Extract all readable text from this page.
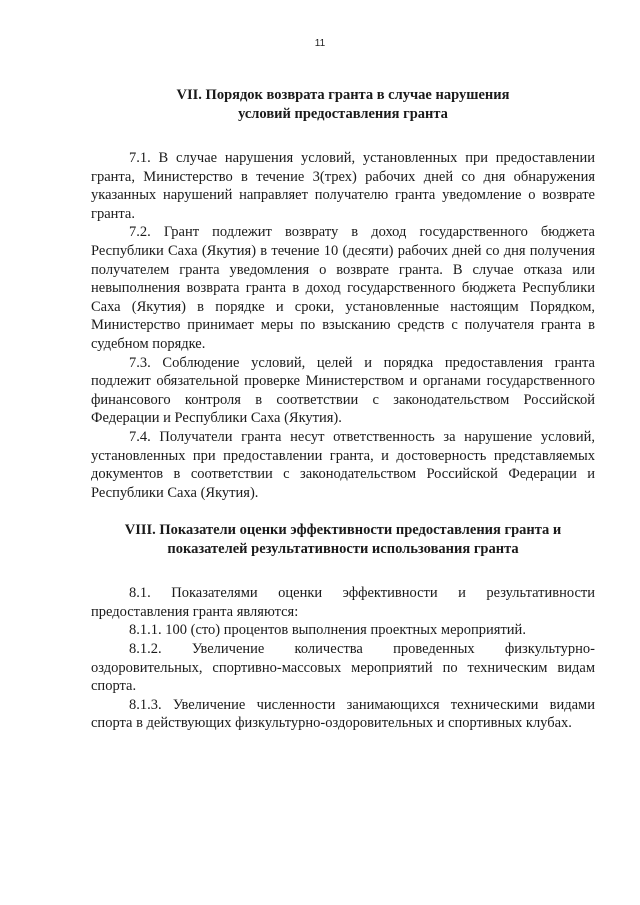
11

VII. Порядок возврата гранта в случае нарушения
условий предоставления гранта

7.1. В случае нарушения условий, установленных при предоставлении гранта, Министерство в течение 3(трех) рабочих дней со дня обнаружения указанных нарушений направляет получателю гранта уведомление о возврате гранта.

7.2. Грант подлежит возврату в доход государственного бюджета Республики Саха (Якутия) в течение 10 (десяти) рабочих дней со дня получения получателем гранта уведомления о возврате гранта. В случае отказа или невыполнения возврата гранта в доход государственного бюджета Республики Саха (Якутия) в порядке и сроки, установленные настоящим Порядком, Министерство принимает меры по взысканию средств с получателя гранта в судебном порядке.

7.3. Соблюдение условий, целей и порядка предоставления гранта подлежит обязательной проверке Министерством и органами государственного финансового контроля в соответствии с законодательством Российской Федерации и Республики Саха (Якутия).

7.4. Получатели гранта несут ответственность за нарушение условий, установленных при предоставлении гранта, и достоверность представляемых документов в соответствии с законодательством Российской Федерации и Республики Саха (Якутия).

VIII. Показатели оценки эффективности предоставления гранта и
показателей результативности использования гранта

8.1. Показателями оценки эффективности и результативности предоставления гранта являются:

8.1.1. 100 (сто) процентов выполнения проектных мероприятий.

8.1.2. Увеличение количества проведенных физкультурно-оздоровительных, спортивно-массовых мероприятий по техническим видам спорта.

8.1.3. Увеличение численности занимающихся техническими видами спорта в действующих физкультурно-оздоровительных и спортивных клубах.
